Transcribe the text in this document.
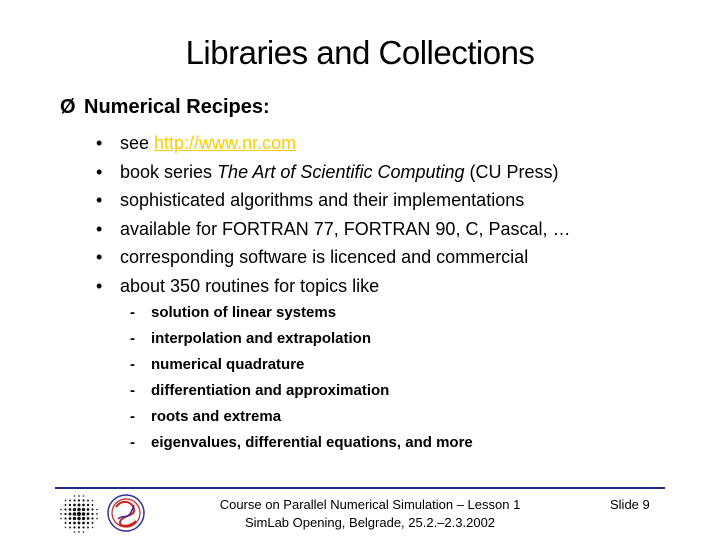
Libraries and Collections
Ø Numerical Recipes:
• see http://www.nr.com
• book series The Art of Scientific Computing (CU Press)
• sophisticated algorithms and their implementations
• available for FORTRAN 77, FORTRAN 90, C, Pascal, …
• corresponding software is licenced and commercial
• about 350 routines for topics like
- solution of linear systems
- interpolation and extrapolation
- numerical quadrature
- differentiation and approximation
- roots and extrema
- eigenvalues, differential equations, and more
Course on Parallel Numerical Simulation – Lesson 1
SimLab Opening, Belgrade, 25.2.–2.3.2002
Slide 9
